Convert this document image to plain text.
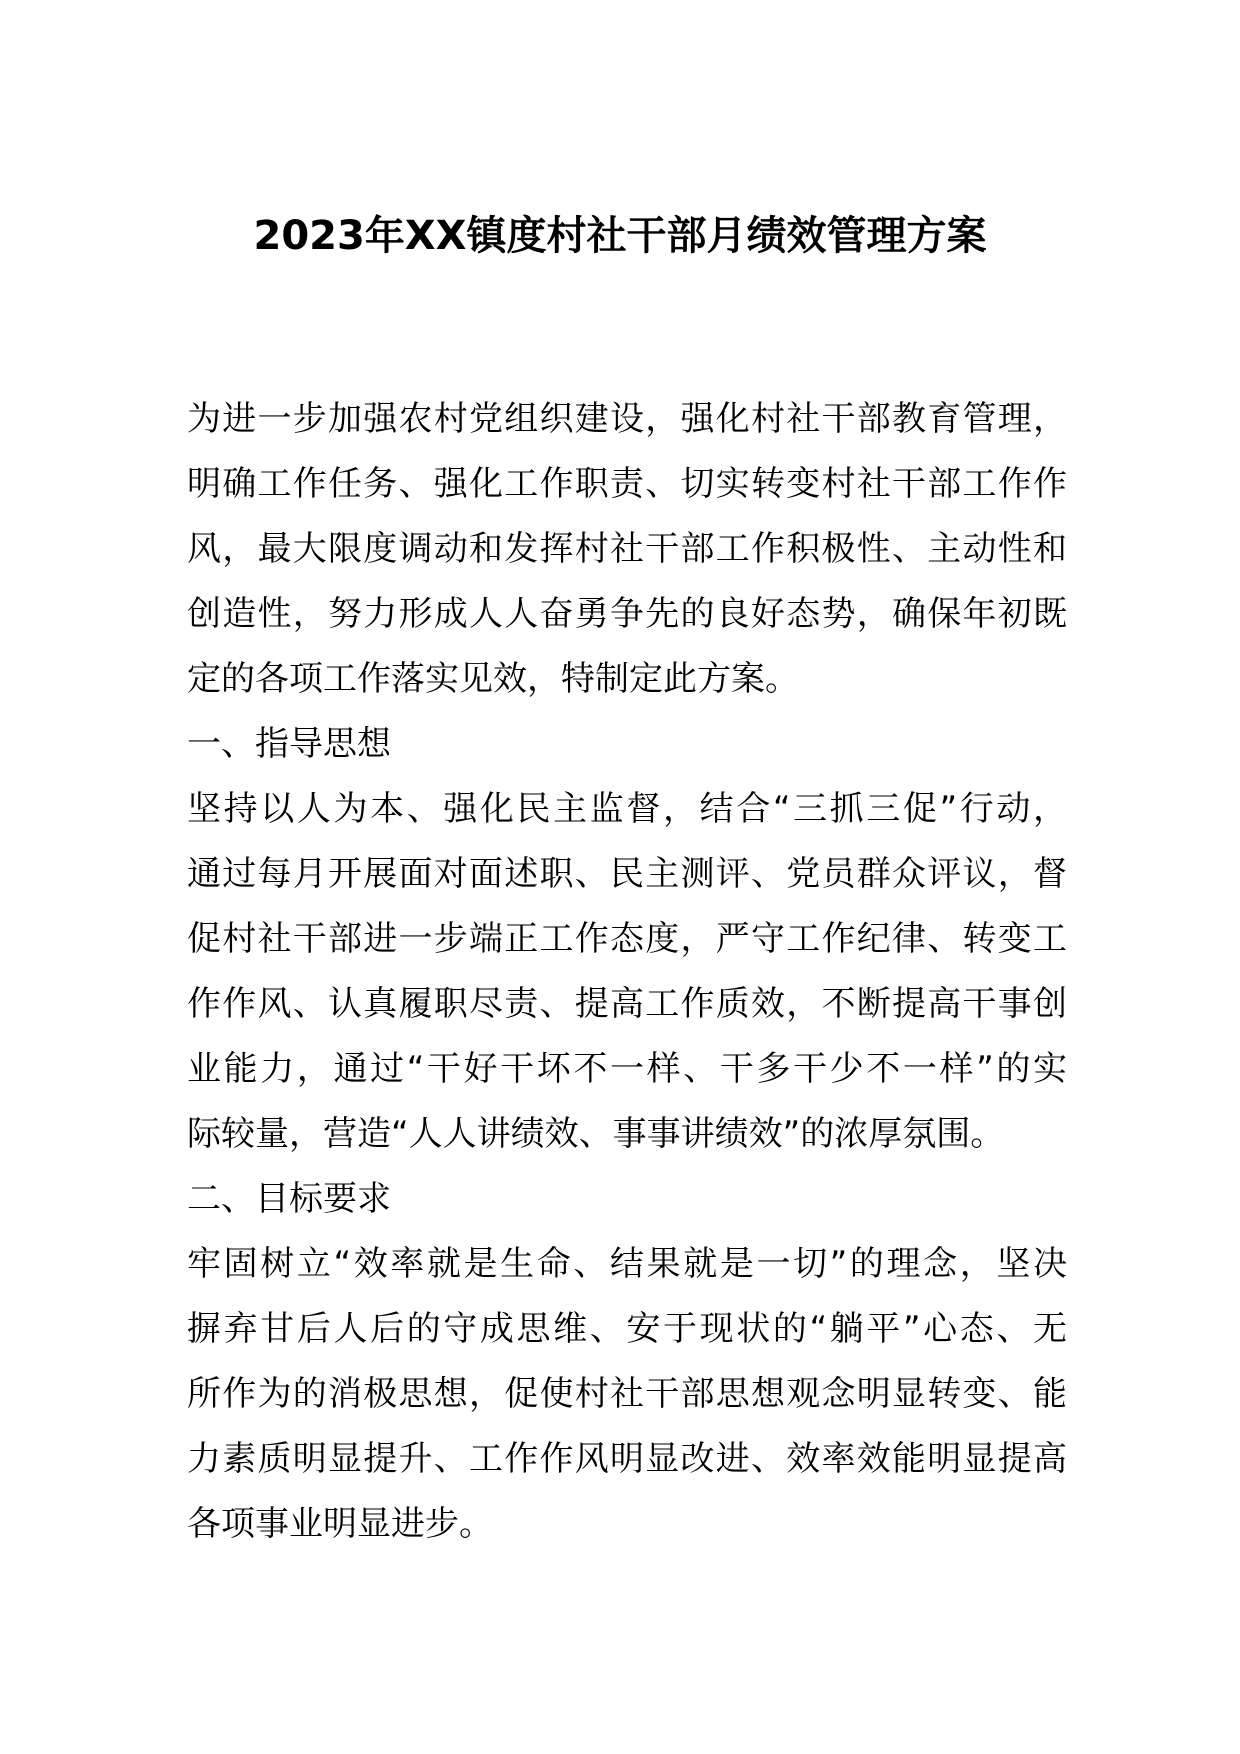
2023年XX镇度村社干部月绩效管理方案
为进一步加强农村党组织建设，强化村社干部教育管理，
明确工作任务、强化工作职责、切实转变村社干部工作作
风，最大限度调动和发挥村社干部工作积极性、主动性和
创造性，努力形成人人奋勇争先的良好态势，确保年初既
定的各项工作落实见效，特制定此方案。
一、指导思想
坚持以人为本、强化民主监督，结合“三抓三促”行动，
通过每月开展面对面述职、民主测评、党员群众评议，督
促村社干部进一步端正工作态度，严守工作纪律、转变工
作作风、认真履职尽责、提高工作质效，不断提高干事创
业能力，通过“干好干坏不一样、干多干少不一样”的实
际较量，营造“人人讲绩效、事事讲绩效”的浓厚氛围。
二、目标要求
牢固树立“效率就是生命、结果就是一切”的理念，坚决
摒弃甘后人后的守成思维、安于现状的“躺平”心态、无
所作为的消极思想，促使村社干部思想观念明显转变、能
力素质明显提升、工作作风明显改进、效率效能明显提高
各项事业明显进步。
